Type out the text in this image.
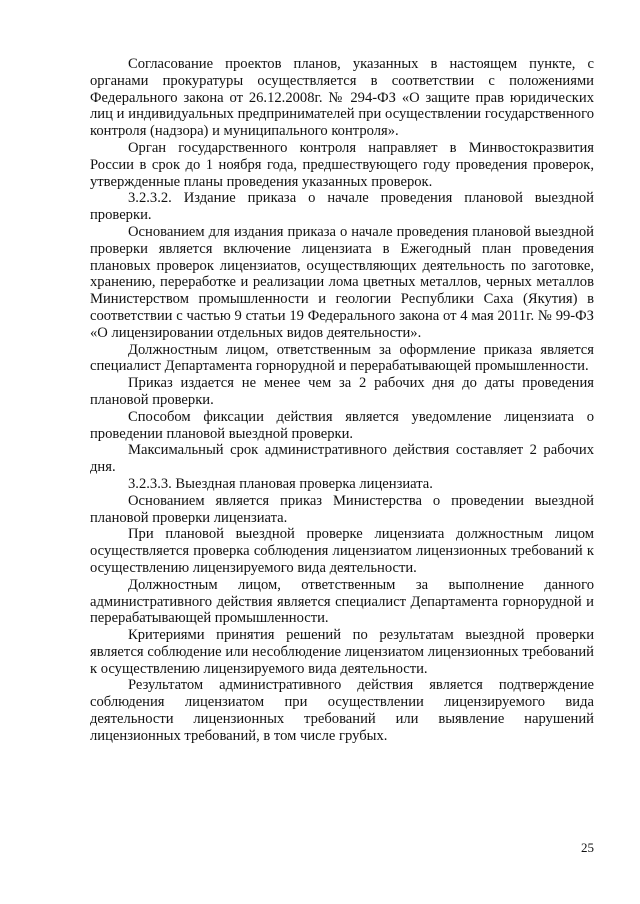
Согласование проектов планов, указанных в настоящем пункте, с органами прокуратуры осуществляется в соответствии с положениями Федерального закона от 26.12.2008г. № 294-ФЗ «О защите прав юридических лиц и индивидуальных предпринимателей при осуществлении государственного контроля (надзора) и муниципального контроля».

Орган государственного контроля направляет в Минвостокразвития России в срок до 1 ноября года, предшествующего году проведения проверок, утвержденные планы проведения указанных проверок.

3.2.3.2. Издание приказа о начале проведения плановой выездной проверки.

Основанием для издания приказа о начале проведения плановой выездной проверки является включение лицензиата в Ежегодный план проведения плановых проверок лицензиатов, осуществляющих деятельность по заготовке, хранению, переработке и реализации лома цветных металлов, черных металлов Министерством промышленности и геологии Республики Саха (Якутия) в соответствии с частью 9 статьи 19 Федерального закона от 4 мая 2011г. № 99-ФЗ «О лицензировании отдельных видов деятельности».

Должностным лицом, ответственным за оформление приказа является специалист Департамента горнорудной и перерабатывающей промышленности.

Приказ издается не менее чем за 2 рабочих дня до даты проведения плановой проверки.

Способом фиксации действия является уведомление лицензиата о проведении плановой выездной проверки.

Максимальный срок административного действия составляет 2 рабочих дня.

3.2.3.3. Выездная плановая проверка лицензиата.

Основанием является приказ Министерства о проведении выездной плановой проверки лицензиата.

При плановой выездной проверке лицензиата должностным лицом осуществляется проверка соблюдения лицензиатом лицензионных требований к осуществлению лицензируемого вида деятельности.

Должностным лицом, ответственным за выполнение данного административного действия является специалист Департамента горнорудной и перерабатывающей промышленности.

Критериями принятия решений по результатам выездной проверки является соблюдение или несоблюдение лицензиатом лицензионных требований к осуществлению лицензируемого вида деятельности.

Результатом административного действия является подтверждение соблюдения лицензиатом при осуществлении лицензируемого вида деятельности лицензионных требований или выявление нарушений лицензионных требований, в том числе грубых.

25
